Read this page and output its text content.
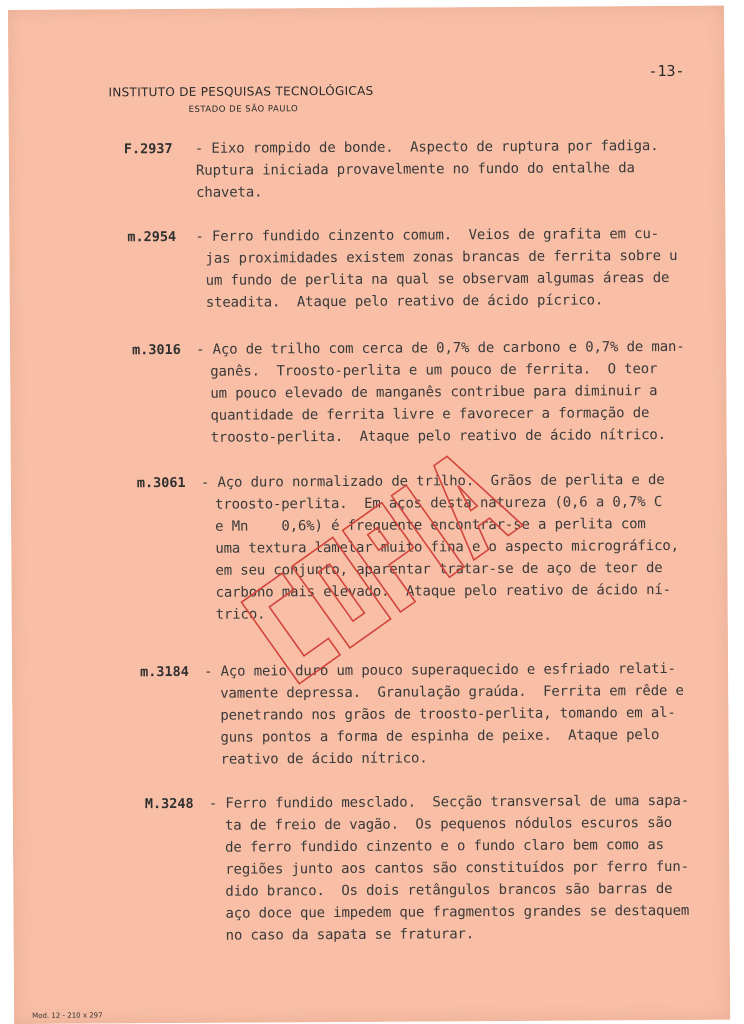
-13-
INSTITUTO DE PESQUISAS TECNOLÓGICAS
ESTADO DE SÃO PAULO
F.2937 - Eixo rompido de bonde.  Aspecto de ruptura por fadiga.
Ruptura iniciada provavelmente no fundo do entalhe da
chaveta.
m.2954 - Ferro fundido cinzento comum.  Veios de grafita em cu-
jas proximidades existem zonas brancas de ferrita sobre u
um fundo de perlita na qual se observam algumas áreas de
steadita.  Ataque pelo reativo de ácido pícrico.
m.3016 - Aço de trilho com cerca de 0,7% de carbono e 0,7% de man-
ganês.  Troosto-perlita e um pouco de ferrita.  O teor
um pouco elevado de manganês contribue para diminuir a
quantidade de ferrita livre e favorecer a formação de
troosto-perlita.  Ataque pelo reativo de ácido nítrico.
m.3061 - Aço duro normalizado de trilho.  Grãos de perlita e de
troosto-perlita.  Em aços desta natureza (0,6 a 0,7% C
e Mn    0,6%) é frequente encontrar-se a perlita com
uma textura lamelar muito fina e o aspecto micrográfico,
em seu conjunto, aparentar tratar-se de aço de teor de
carbono mais elevado.  Ataque pelo reativo de ácido ní-
trico.
m.3184 - Aço meio duro um pouco superaquecido e esfriado relati-
vamente depressa.  Granulação graúda.  Ferrita em rêde e
penetrando nos grãos de troosto-perlita, tomando em al-
guns pontos a forma de espinha de peixe.  Ataque pelo
reativo de ácido nítrico.
M.3248 - Ferro fundido mesclado.  Secção transversal de uma sapa-
ta de freio de vagão.  Os pequenos nódulos escuros são
de ferro fundido cinzento e o fundo claro bem como as
regiões junto aos cantos são constituídos por ferro fun-
dido branco.  Os dois retângulos brancos são barras de
aço doce que impedem que fragmentos grandes se destaquem
no caso da sapata se fraturar.
Mod. 12 - 210 x 297
